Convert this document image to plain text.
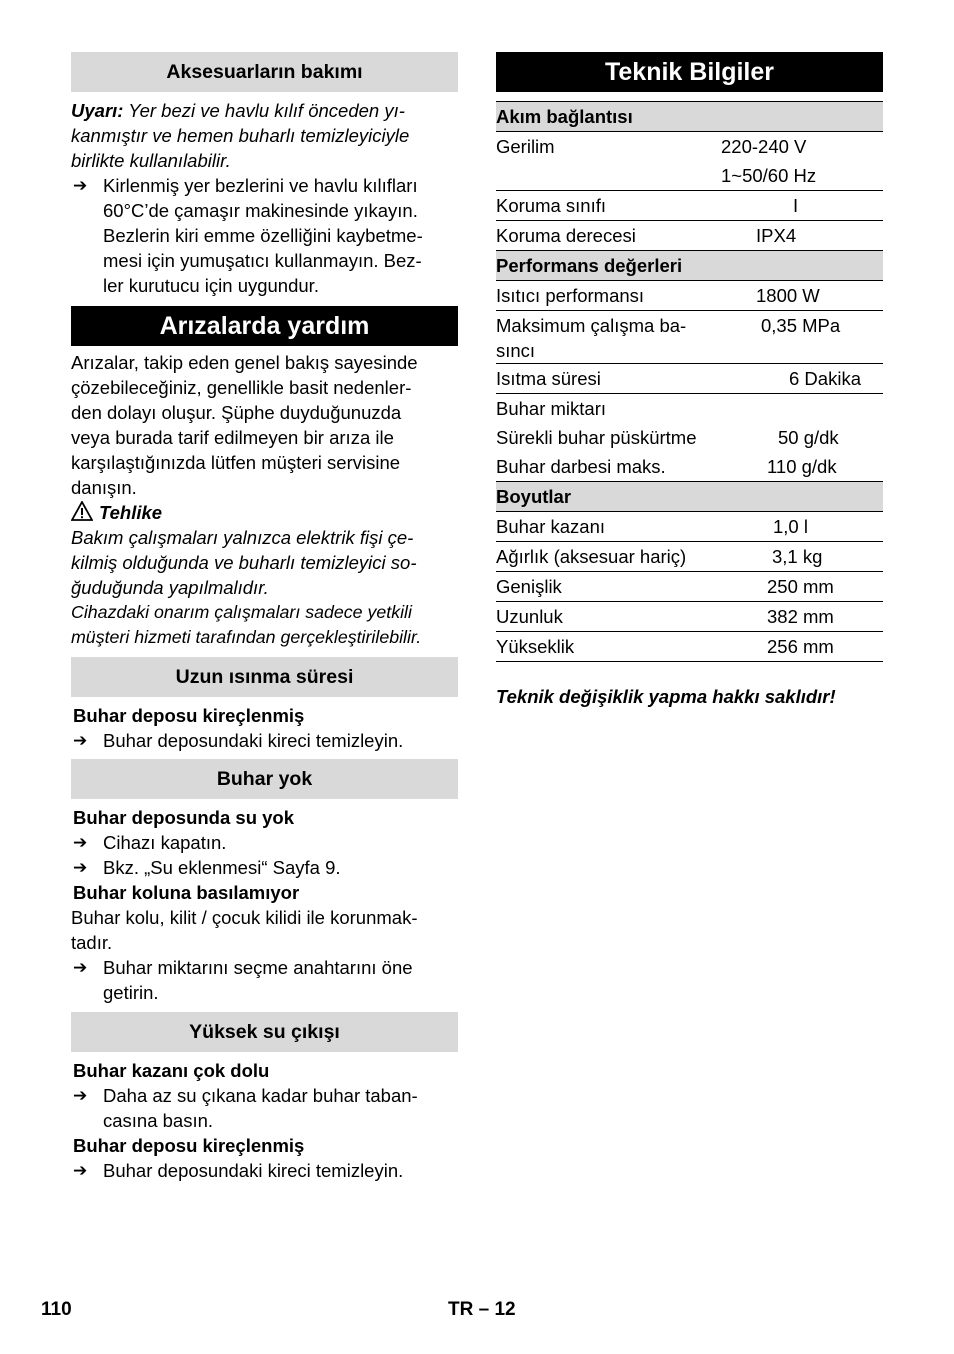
Aksesuarların bakımı

Uyarı: Yer bezi ve havlu kılıf önceden yı-

kanmıştır ve hemen buharlı temizleyiciyle

birlikte kullanılabilir.

➔ Kirlenmiş yer bezlerini ve havlu kılıfları

60°C’de çamaşır makinesinde yıkayın.

Bezlerin kiri emme özelliğini kaybetme-

mesi için yumuşatıcı kullanmayın. Bez-

ler kurutucu için uygundur.

Arızalarda yardım

Arızalar, takip eden genel bakış sayesinde

çözebileceğiniz, genellikle basit nedenler-

den dolayı oluşur. Şüphe duyduğunuzda

veya burada tarif edilmeyen bir arıza ile

karşılaştığınızda lütfen müşteri servisine

danışın.

Tehlike

Bakım çalışmaları yalnızca elektrik fişi çe-

kilmiş olduğunda ve buharlı temizleyici so-

ğuduğunda yapılmalıdır.

Cihazdaki onarım çalışmaları sadece yetkili

müşteri hizmeti tarafından gerçekleştirilebilir.

Uzun ısınma süresi

Buhar deposu kireçlenmiş

➔ Buhar deposundaki kireci temizleyin.

Buhar yok

Buhar deposunda su yok

➔ Cihazı kapatın.

➔ Bkz. „Su eklenmesi“ Sayfa 9.

Buhar koluna basılamıyor

Buhar kolu, kilit / çocuk kilidi ile korunmak-

tadır.

➔ Buhar miktarını seçme anahtarını öne

getirin.

Yüksek su çıkışı

Buhar kazanı çok dolu

➔ Daha az su çıkana kadar buhar taban-

casına basın.

Buhar deposu kireçlenmiş

➔ Buhar deposundaki kireci temizleyin.

Teknik Bilgiler
Akım bağlantısı
Gerilim	220-240 V
1~50/60 Hz
Koruma sınıfı	I
Koruma derecesi	IPX4
Performans değerleri
Isıtıcı performansı	1800 W
Maksimum çalışma ba-
sıncı
0,35 MPa
Isıtma süresi	6 Dakika
Buhar miktarı
Sürekli buhar püskürtme	50 g/dk
Buhar darbesi maks.	110 g/dk
Boyutlar
Buhar kazanı	1,0 l
Ağırlık (aksesuar hariç)	3,1 kg
Genişlik	250 mm
Uzunluk	382 mm
Yükseklik	256 mm

Teknik değişiklik yapma hakkı saklıdır!

110	TR – 12
